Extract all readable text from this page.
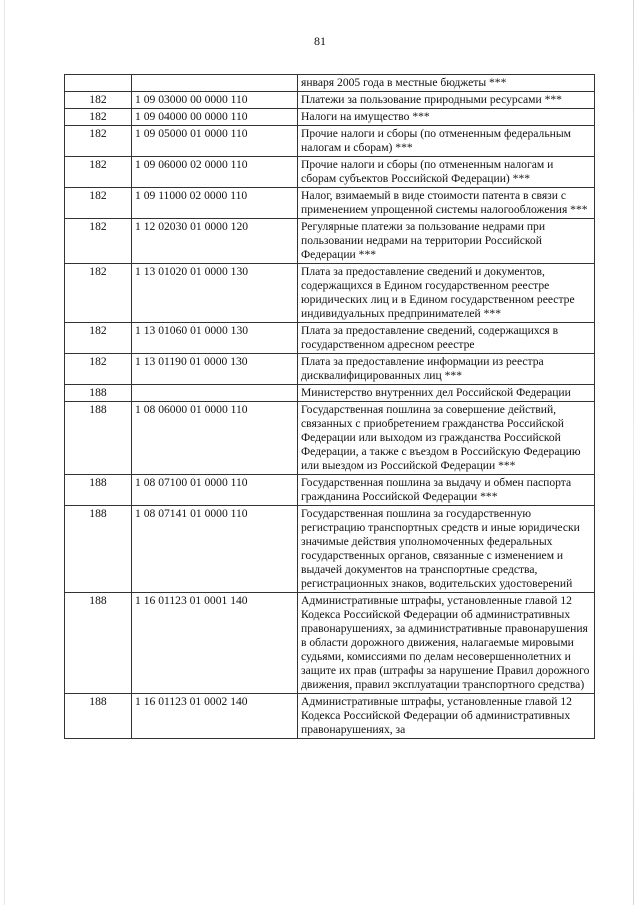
81
		января 2005 года в местные бюджеты ***
182	1 09 03000 00 0000 110	Платежи за пользование природными ресурсами ***
182	1 09 04000 00 0000 110	Налоги на имущество ***
182	1 09 05000 01 0000 110	Прочие налоги и сборы (по отмененным федеральным налогам и сборам) ***
182	1 09 06000 02 0000 110	Прочие налоги и сборы (по отмененным налогам и сборам субъектов Российской Федерации) ***
182	1 09 11000 02 0000 110	Налог, взимаемый в виде стоимости патента в связи с применением упрощенной системы налогообложения ***
182	1 12 02030 01 0000 120	Регулярные платежи за пользование недрами при пользовании недрами на территории Российской Федерации ***
182	1 13 01020 01 0000 130	Плата за предоставление сведений и документов, содержащихся в Едином государственном реестре юридических лиц и в Едином государственном реестре индивидуальных предпринимателей ***
182	1 13 01060 01 0000 130	Плата за предоставление сведений, содержащихся в государственном адресном реестре
182	1 13 01190 01 0000 130	Плата за предоставление информации из реестра дисквалифицированных лиц ***
188		Министерство внутренних дел Российской Федерации
188	1 08 06000 01 0000 110	Государственная пошлина за совершение действий, связанных с приобретением гражданства Российской Федерации или выходом из гражданства Российской Федерации, а также с въездом в Российскую Федерацию или выездом из Российской Федерации ***
188	1 08 07100 01 0000 110	Государственная пошлина за выдачу и обмен паспорта гражданина Российской Федерации ***
188	1 08 07141 01 0000 110	Государственная пошлина за государственную регистрацию транспортных средств и иные юридически значимые действия уполномоченных федеральных государственных органов, связанные с изменением и выдачей документов на транспортные средства, регистрационных знаков, водительских удостоверений
188	1 16 01123 01 0001 140	Административные штрафы, установленные главой 12 Кодекса Российской Федерации об административных правонарушениях, за административные правонарушения в области дорожного движения, налагаемые мировыми судьями, комиссиями по делам несовершеннолетних и защите их прав (штрафы за нарушение Правил дорожного движения, правил эксплуатации транспортного средства)
188	1 16 01123 01 0002 140	Административные штрафы, установленные главой 12 Кодекса Российской Федерации об административных правонарушениях, за
